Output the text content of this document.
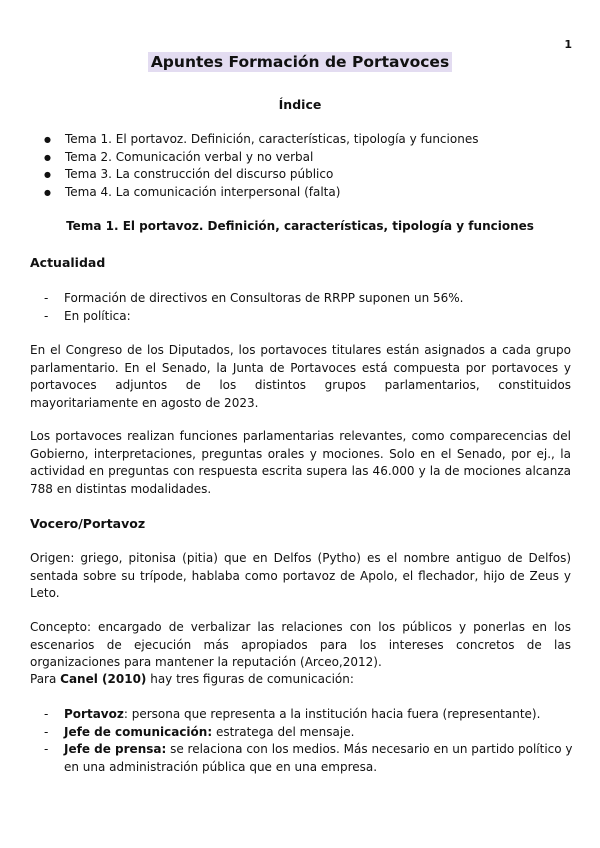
1
Apuntes Formación de Portavoces
Índice
● Tema 1. El portavoz. Definición, características, tipología y funciones
● Tema 2. Comunicación verbal y no verbal
● Tema 3. La construcción del discurso público
● Tema 4. La comunicación interpersonal (falta)
Tema 1. El portavoz. Definición, características, tipología y funciones
Actualidad
- Formación de directivos en Consultoras de RRPP suponen un 56%.
- En política:

En el Congreso de los Diputados, los portavoces titulares están asignados a cada grupo parlamentario. En el Senado, la Junta de Portavoces está compuesta por portavoces y portavoces adjuntos de los distintos grupos parlamentarios, constituidos mayoritariamente en agosto de 2023.

Los portavoces realizan funciones parlamentarias relevantes, como comparecencias del Gobierno, interpretaciones, preguntas orales y mociones. Solo en el Senado, por ej., la actividad en preguntas con respuesta escrita supera las 46.000 y la de mociones alcanza 788 en distintas modalidades.

Vocero/Portavoz

Origen: griego, pitonisa (pitia) que en Delfos (Pytho) es el nombre antiguo de Delfos) sentada sobre su trípode, hablaba como portavoz de Apolo, el flechador, hijo de Zeus y Leto.

Concepto: encargado de verbalizar las relaciones con los públicos y ponerlas en los escenarios de ejecución más apropiados para los intereses concretos de las organizaciones para mantener la reputación (Arceo,2012).

Para Canel (2010) hay tres figuras de comunicación:

- Portavoz: persona que representa a la institución hacia fuera (representante).
- Jefe de comunicación: estratega del mensaje.
- Jefe de prensa: se relaciona con los medios. Más necesario en un partido político y en una administración pública que en una empresa.
